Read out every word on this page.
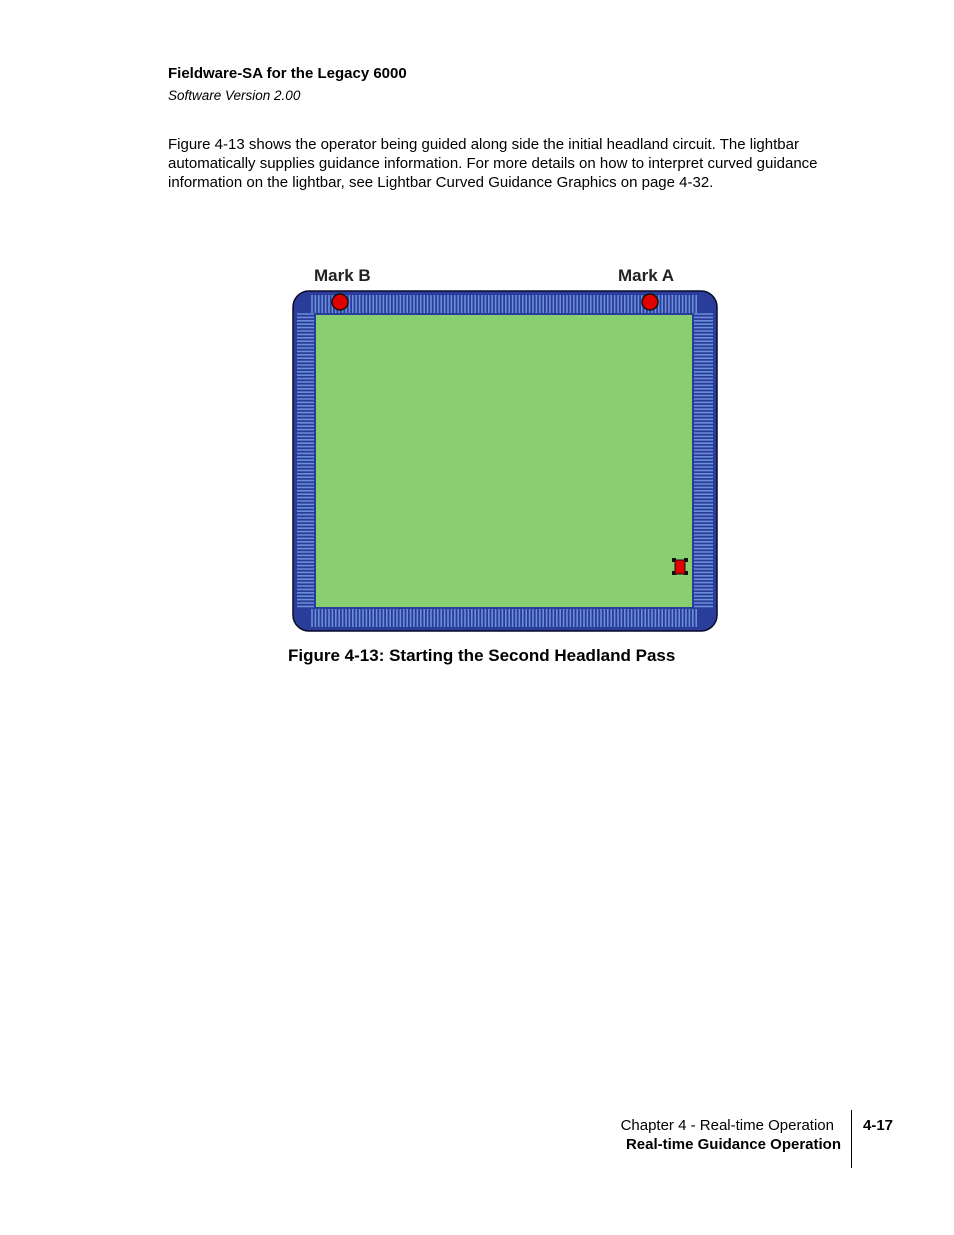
Fieldware-SA for the Legacy 6000
Software Version 2.00
Figure 4-13 shows the operator being guided along side the initial headland circuit. The lightbar automatically supplies guidance information. For more details on how to interpret curved guidance information on the lightbar, see Lightbar Curved Guidance Graphics on page 4-32.
Mark B	Mark A
Figure 4-13: Starting the Second Headland Pass
Chapter 4 - Real-time Operation
Real-time Guidance Operation
4-17
